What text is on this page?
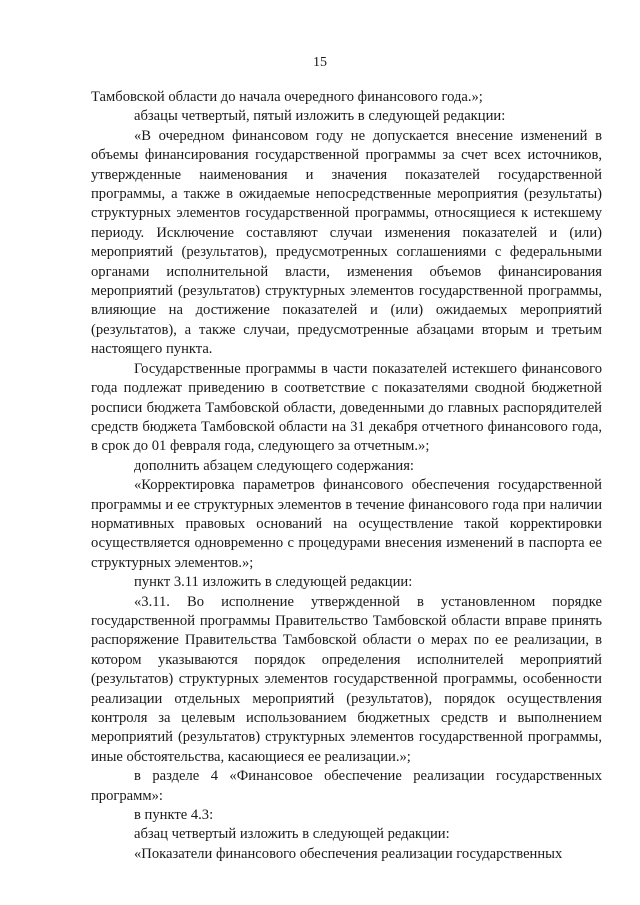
15

Тамбовской области до начала очередного финансового года.»;

абзацы четвертый, пятый изложить в следующей редакции:

«В очередном финансовом году не допускается внесение изменений в объемы финансирования государственной программы за счет всех источников, утвержденные наименования и значения показателей государственной программы, а также в ожидаемые непосредственные мероприятия (результаты) структурных элементов государственной программы, относящиеся к истекшему периоду. Исключение составляют случаи изменения показателей и (или) мероприятий (результатов), предусмотренных соглашениями с федеральными органами исполнительной власти, изменения объемов финансирования мероприятий (результатов) структурных элементов государственной программы, влияющие на достижение показателей и (или) ожидаемых мероприятий (результатов), а также случаи, предусмотренные абзацами вторым и третьим настоящего пункта.

Государственные программы в части показателей истекшего финансового года подлежат приведению в соответствие с показателями сводной бюджетной росписи бюджета Тамбовской области, доведенными до главных распорядителей средств бюджета Тамбовской области на 31 декабря отчетного финансового года, в срок до 01 февраля года, следующего за отчетным.»;

дополнить абзацем следующего содержания:

«Корректировка параметров финансового обеспечения государственной программы и ее структурных элементов в течение финансового года при наличии нормативных правовых оснований на осуществление такой корректировки осуществляется одновременно с процедурами внесения изменений в паспорта ее структурных элементов.»;

пункт 3.11 изложить в следующей редакции:

«3.11. Во исполнение утвержденной в установленном порядке государственной программы Правительство Тамбовской области вправе принять распоряжение Правительства Тамбовской области о мерах по ее реализации, в котором указываются порядок определения исполнителей мероприятий (результатов) структурных элементов государственной программы, особенности реализации отдельных мероприятий (результатов), порядок осуществления контроля за целевым использованием бюджетных средств и выполнением мероприятий (результатов) структурных элементов государственной программы, иные обстоятельства, касающиеся ее реализации.»;

в разделе 4 «Финансовое обеспечение реализации государственных программ»:

в пункте 4.3:

абзац четвертый изложить в следующей редакции:

«Показатели финансового обеспечения реализации государственных
